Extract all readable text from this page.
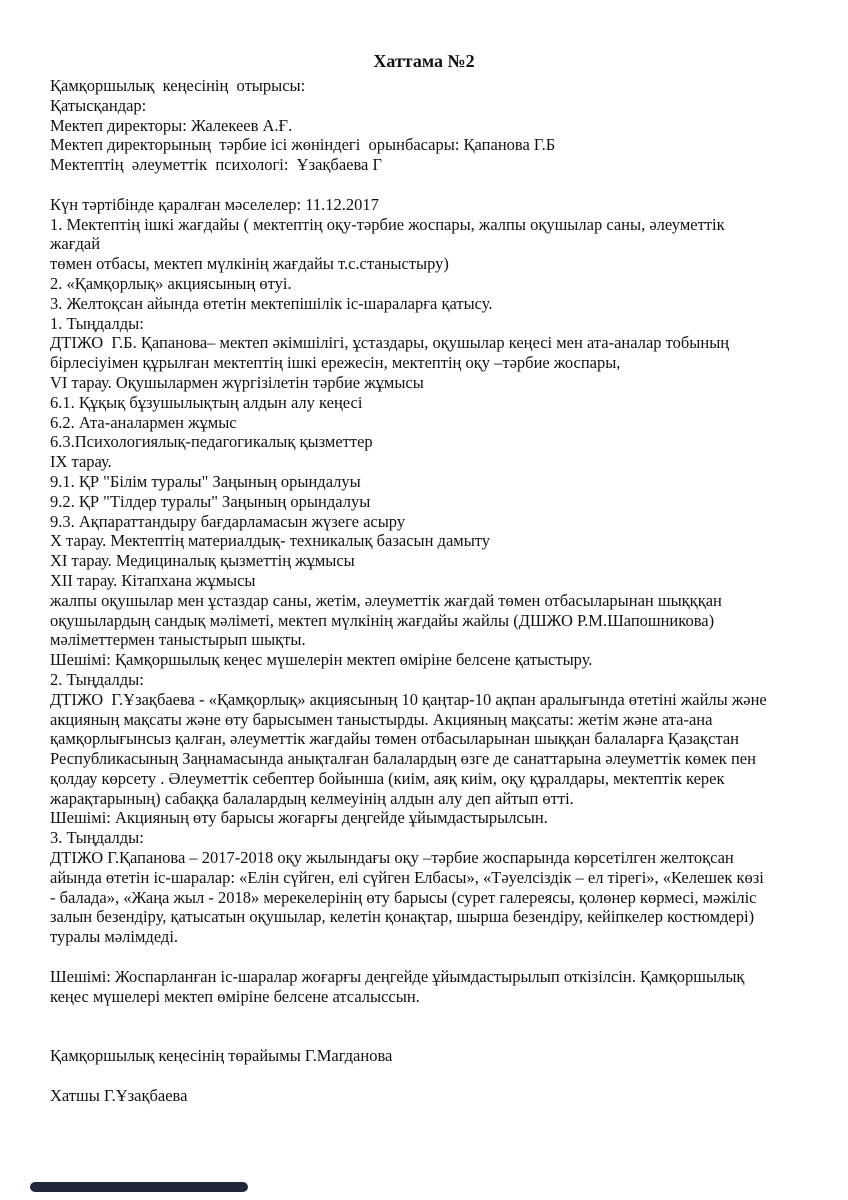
Хаттама №2
Қамқоршылық  кеңесінің  отырысы:
Қатысқандар:
Мектеп директоры: Жалекеев А.Ғ.
Мектеп директорының  тәрбие ісі жөніндегі  орынбасары: Қапанова Г.Б
Мектептің  әлеуметтік  психологі:  Ұзақбаева Г
Күн тәртібінде қаралған мәселелер: 11.12.2017
1. Мектептің ішкі жағдайы ( мектептің оқу-тәрбие жоспары, жалпы оқушылар саны, әлеуметтік
жағдай
төмен отбасы, мектеп мүлкінің жағдайы т.с.станыстыру)
2. «Қамқорлық» акциясының өтуі.
3. Желтоқсан айында өтетін мектепішілік іс-шараларға қатысу.
1. Тыңдалды:
ДТІЖО  Г.Б. Қапанова– мектеп әкімшілігі, ұстаздары, оқушылар кеңесі мен ата-аналар тобының
бірлесіуімен құрылған мектептің ішкі ережесін, мектептің оқу –тәрбие жоспары,
VI тарау. Оқушылармен жүргізілетін тәрбие жұмысы
6.1. Құқық бұзушылықтың алдын алу кеңесі
6.2. Ата-аналармен жұмыс
6.3.Психологиялық-педагогикалық қызметтер
IX тарау.
9.1. ҚР "Білім туралы" Заңының орындалуы
9.2. ҚР "Тілдер туралы" Заңының орындалуы
9.3. Ақпараттандыру бағдарламасын жүзеге асыру
X тарау. Мектептің материалдық- техникалық базасын дамыту
XI тарау. Медициналық қызметтің жұмысы
XII тарау. Кітапхана жұмысы
жалпы оқушылар мен ұстаздар саны, жетім, әлеуметтік жағдай төмен отбасыларынан шықққан
оқушылардың сандық мәліметі, мектеп мүлкінің жағдайы жайлы (ДШЖО Р.М.Шапошникова)
мәліметтермен таныстырып шықты.
Шешімі: Қамқоршылық кеңес мүшелерін мектеп өміріне белсене қатыстыру.
2. Тыңдалды:
ДТІЖО  Г.Ұзақбаева - «Қамқорлық» акциясының 10 қаңтар-10 ақпан аралығында өтетіні жайлы және
акцияның мақсаты және өту барысымен таныстырды. Акцияның мақсаты: жетім және ата-ана
қамқорлығынсыз қалған, әлеуметтік жағдайы төмен отбасыларынан шыққан балаларға Қазақстан
Республикасының Заңнамасында анықталған балалардың өзге де санаттарына әлеуметтік көмек пен
қолдау көрсету . Әлеуметтік себептер бойынша (киім, аяқ киім, оқу құралдары, мектептік керек
жарақтарының) сабаққа балалардың келмеуінің алдын алу деп айтып өтті.
Шешімі: Акцияның өту барысы жоғарғы деңгейде ұйымдастырылсын.
3. Тыңдалды:
ДТІЖО Г.Қапанова – 2017-2018 оқу жылындағы оқу –тәрбие жоспарында көрсетілген желтоқсан
айында өтетін іс-шаралар: «Елін сүйген, елі сүйген Елбасы», «Тәуелсіздік – ел тірегі», «Келешек көзі
- балада», «Жаңа жыл - 2018» мерекелерінің өту барысы (сурет галереясы, қолөнер көрмесі, мәжіліс
залын безендіру, қатысатын оқушылар, келетін қонақтар, шырша безендіру, кейіпкелер костюмдері)
туралы мәлімдеді.
Шешімі: Жоспарланған іс-шаралар жоғарғы деңгейде ұйымдастырылып откізілсін. Қамқоршылық
кеңес мүшелері мектеп өміріне белсене атсалыссын.
Қамқоршылық кеңесінің төрайымы Г.Магданова
Хатшы Г.Ұзақбаева
